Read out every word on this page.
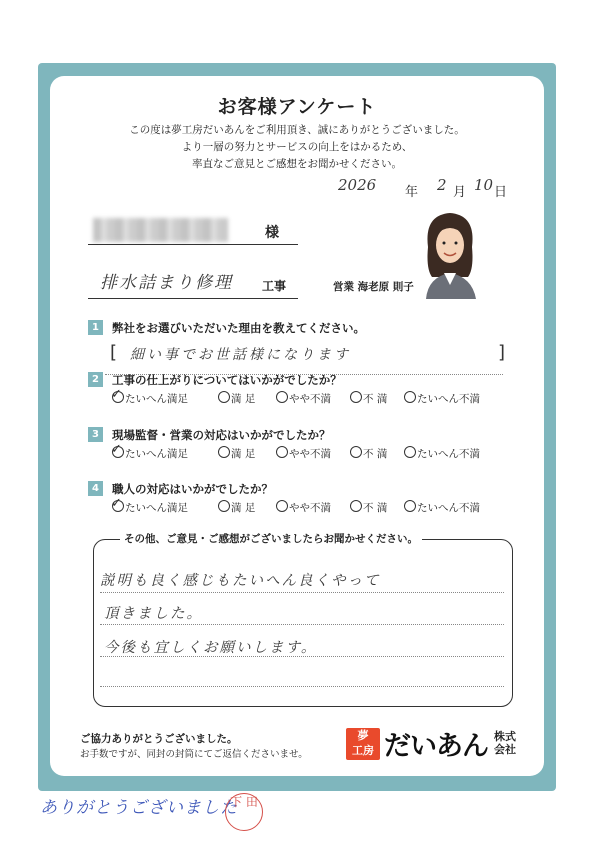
お客様アンケート
この度は夢工房だいあんをご利用頂き、誠にありがとうございました。
より一層の努力とサービスの向上をはかるため、
率直なご意見とご感想をお聞かせください。
2026 年 2 月 10 日
様
排水詰まり修理 工事	営業 海老原 則子
1	弊社をお選びいただいた理由を教えてください。
[ 細い事でお世話様になります	]
2	工事の仕上がりについてはいかがでしたか？
✓ たいへん満足	満 足	やや不満	不 満	たいへん不満
3	現場監督・営業の対応はいかがでしたか？
✓ たいへん満足	満 足	やや不満	不 満	たいへん不満
4	職人の対応はいかがでしたか？
✓ たいへん満足	満 足	やや不満	不 満	たいへん不満
その他、ご意見・ご感想がございましたらお聞かせください。
説明も良く感じもたいへん良くやって
頂きました。
今後も宜しくお願いします。
ご協力ありがとうございました。
お手数ですが、同封の封筒にてご返信くださいませ。
夢
工房 だいあん 株式
会社
ありがとうございました
下 田
